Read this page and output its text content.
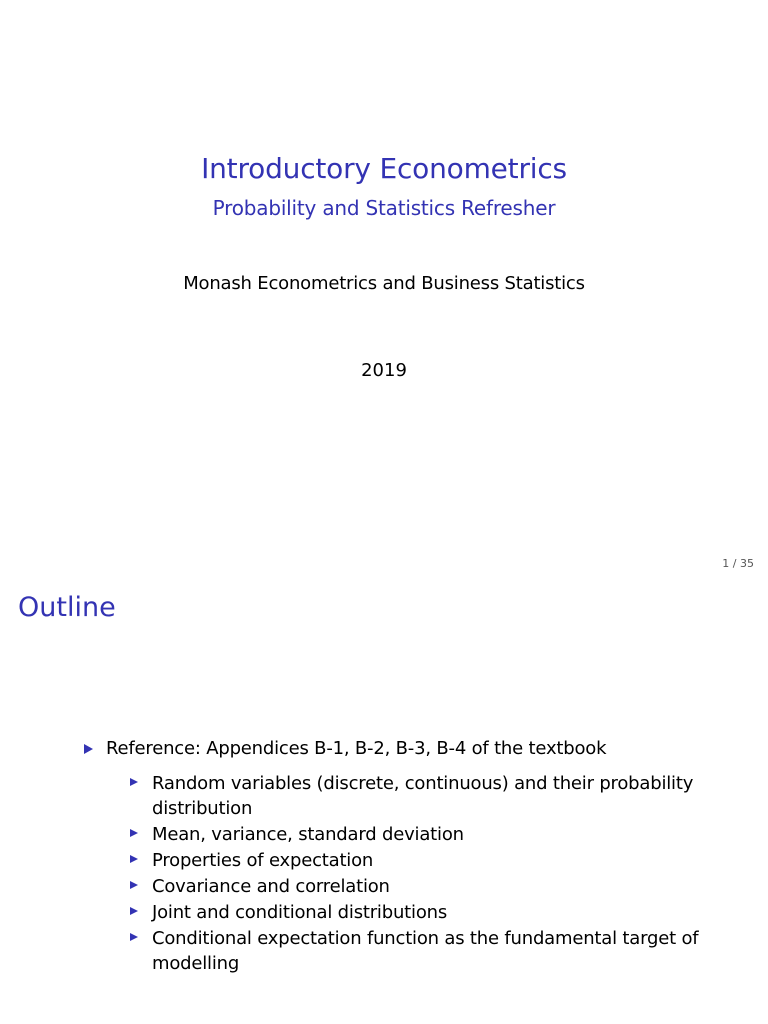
Introductory Econometrics
Probability and Statistics Refresher
Monash Econometrics and Business Statistics
2019
1 / 35
Outline
Reference: Appendices B-1, B-2, B-3, B-4 of the textbook
Random variables (discrete, continuous) and their probability distribution
Mean, variance, standard deviation
Properties of expectation
Covariance and correlation
Joint and conditional distributions
Conditional expectation function as the fundamental target of modelling
